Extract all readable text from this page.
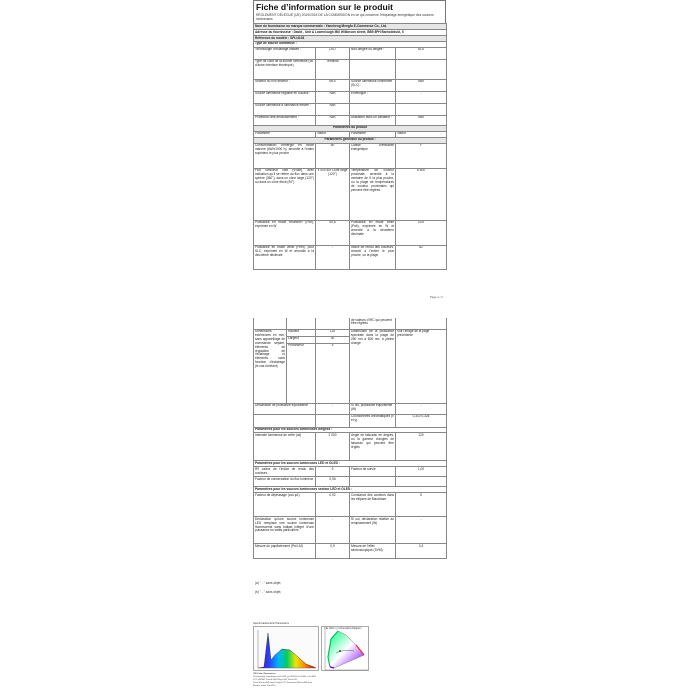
Fiche d’information sur le produit
RÈGLEMENT DÉLÉGUÉ (UE) 2019/2015 DE LA COMMISSION en ce qui concerne l’étiquetage énergétique des sources lumineuses
Nom du fournisseur ou marque commerciale : Yancheng Mengfu E-Commerce Co., Ltd.			
Adresse du fournisseur : David , Unit A Lowen/ough Mill Wilkinson street, BB9 8PH Barnoldsvid, X			
Référence du modèle : SPL/4104			
Type de source lumineuse :			
Technologie d’éclairage utilisée :	LED	Non-dirigée ou dirigée :	DLS
Type de culot de la source lumineuse (ou d’autre interface électrique)	Terminal		
Secteur ou non secteur :	MLS	Source lumineuse connectée (SLC) :	Non
Source lumineuse réglable en couleur :	Non	Enveloppe :	-
Source lumineuse à luminance élevée :	Non		
Protection anti-éblouissement :	Non	Utilisation avec un variateur :	Non
Paramètres du produit			
Paramètre	Valeur	Paramètre	Valeur
Paramètres généraux du produit :			
Consommation d’énergie en mode marche (kWh/1000 h), arrondie à l’entier supérieur le plus proche	50	Classe d’efficacité énergétique	F
Flux lumineux utile (Φuse), avec indication qu’il se réfère au flux dans une sphère (360°), dans un cône large (120°) ou dans un cône étroit (90°)	4 000 sur Cône large (120°)	Température de couleur proximale, arrondie à la centaine de K la plus proche, ou la plage de températures de couleur proximales qui peuvent être réglées	6 500
Puissance en mode «marche» (Pon), exprimée en W	50,6	Puissance en mode veille (Psb), exprimée en W et arrondie à la deuxième décimale	0,00
Puissance en mode veille (Pnet), pour SLC, exprimée en W et arrondie à la deuxième décimale	-	Indice de rendu des couleurs, arrondi à l’entier le plus proche, ou la plage	82
Page 1 / 2
			de valeurs d’IRC qui peuvent être réglées	
Dimensions extérieures en mm, sans appareillage de commande séparé, éléments de régulation de l’éclairage ni éléments sans fonction d’éclairage (le cas échéant)	Hauteur	120	Distribution de la puissance spectrale dans la plage de 250 nm à 800 nm, à pleine charge	Voir l’image de la page précédente
	Largeur	30		
	Profondeur	5		
Déclaration de puissance équivalente		-	Si oui, puissance équivalente (W)	-
			Coordonnées chromatiques (x et y)	0,310 0,326
Paramètres pour les sources lumineuses dirigées :				
Intensité lumineuse de crête (cd)		2 000	Angle de faisceau en degrés, ou la gamme d’angles de faisceau qui peuvent être réglés	120
Paramètres pour les sources lumineuses LED et OLED :				
R9 valeur de l’indice de rendu des couleurs		9	Facteur de survie	1,00
Facteur de conservation du flux lumineux		0,96		
Paramètres pour les sources lumineuses secteur LED et OLED :				
Facteur de déphasage (cos φ1)		0,92	Constance des couleurs dans les ellipses de MacAdam	5
Déclaration qu’une source lumineuse LED remplace une source lumineuse fluorescente sans ballast intégré d’une puissance en watts particulière		-	Si oui, déclaration relative au remplacement (W)	-
Mesure du papillotement (Pst LM)		0,9	Mesure de l’effet stroboscopique (SVM)	0,4
(a) " - " sans objet;
(b) " - " sans objet;
Spectroradiometric Parameters
CIE 1931 x,y Chromaticity Diagram
CIE Color Parameters:
Chromaticity Coordinate:x=0.3100 y=0.3262/u'=0.1966 v'=0.4651
CCT=6500K Duv=0.0044 Rg=0.49/ Tan=0.39
Peak Wave=453.0nm Purity=6.7% Dominant Wave=485.4nm
Render Index: Ra=82.0
